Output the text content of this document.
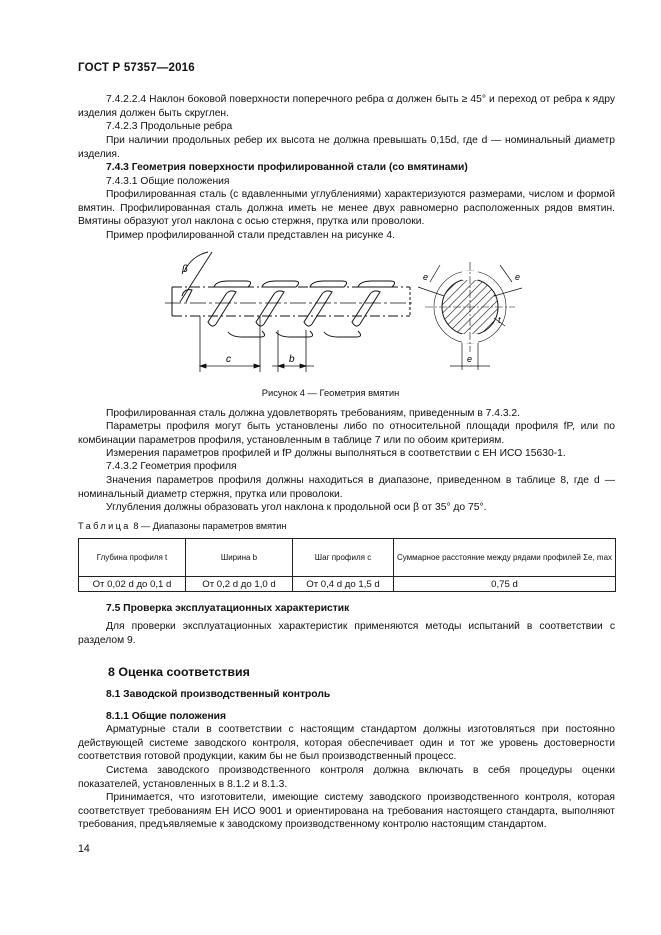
ГОСТ Р 57357—2016
7.4.2.2.4 Наклон боковой поверхности поперечного ребра α должен быть ≥ 45° и переход от ребра к ядру изделия должен быть скруглен.
7.4.2.3 Продольные ребра
При наличии продольных ребер их высота не должна превышать 0,15d, где d — номинальный диаметр изделия.
7.4.3 Геометрия поверхности профилированной стали (со вмятинами)
7.4.3.1 Общие положения
Профилированная сталь (с вдавленными углублениями) характеризуются размерами, числом и формой вмятин. Профилированная сталь должна иметь не менее двух равномерно расположенных рядов вмятин. Вмятины образуют угол наклона с осью стержня, прутка или проволоки.
Пример профилированной стали представлен на рисунке 4.
β
c	b
e	e
e
t
Рисунок 4 — Геометрия вмятин
Профилированная сталь должна удовлетворять требованиям, приведенным в 7.4.3.2.
Параметры профиля могут быть установлены либо по относительной площади профиля fP, или по комбинации параметров профиля, установленным в таблице 7 или по обоим критериям.
Измерения параметров профилей и fP должны выполняться в соответствии с ЕН ИСО 15630-1.
7.4.3.2 Геометрия профиля
Значения параметров профиля должны находиться в диапазоне, приведенном в таблице 8, где d — номинальный диаметр стержня, прутка или проволоки.
Углубления должны образовать угол наклона к продольной оси β от 35° до 75°.
Таблица 8 — Диапазоны параметров вмятин
Глубина профиля t	Ширина b	Шаг профиля c	Суммарное расстояние между рядами профилей Σe, max
От 0,02 d до 0,1 d	От 0,2 d до 1,0 d	От 0,4 d до 1,5 d	0,75 d
7.5 Проверка эксплуатационных характеристик
Для проверки эксплуатационных характеристик применяются методы испытаний в соответствии с разделом 9.
8 Оценка соответствия
8.1 Заводской производственный контроль
8.1.1 Общие положения
Арматурные стали в соответствии с настоящим стандартом должны изготовляться при постоянно действующей системе заводского контроля, которая обеспечивает один и тот же уровень достоверности соответствия готовой продукции, каким бы не был производственный процесс.
Система заводского производственного контроля должна включать в себя процедуры оценки показателей, установленных в 8.1.2 и 8.1.3.
Принимается, что изготовители, имеющие систему заводского производственного контроля, которая соответствует требованиям ЕН ИСО 9001 и ориентирована на требования настоящего стандарта, выполняют требования, предъявляемые к заводскому производственному контролю настоящим стандартом.
14
